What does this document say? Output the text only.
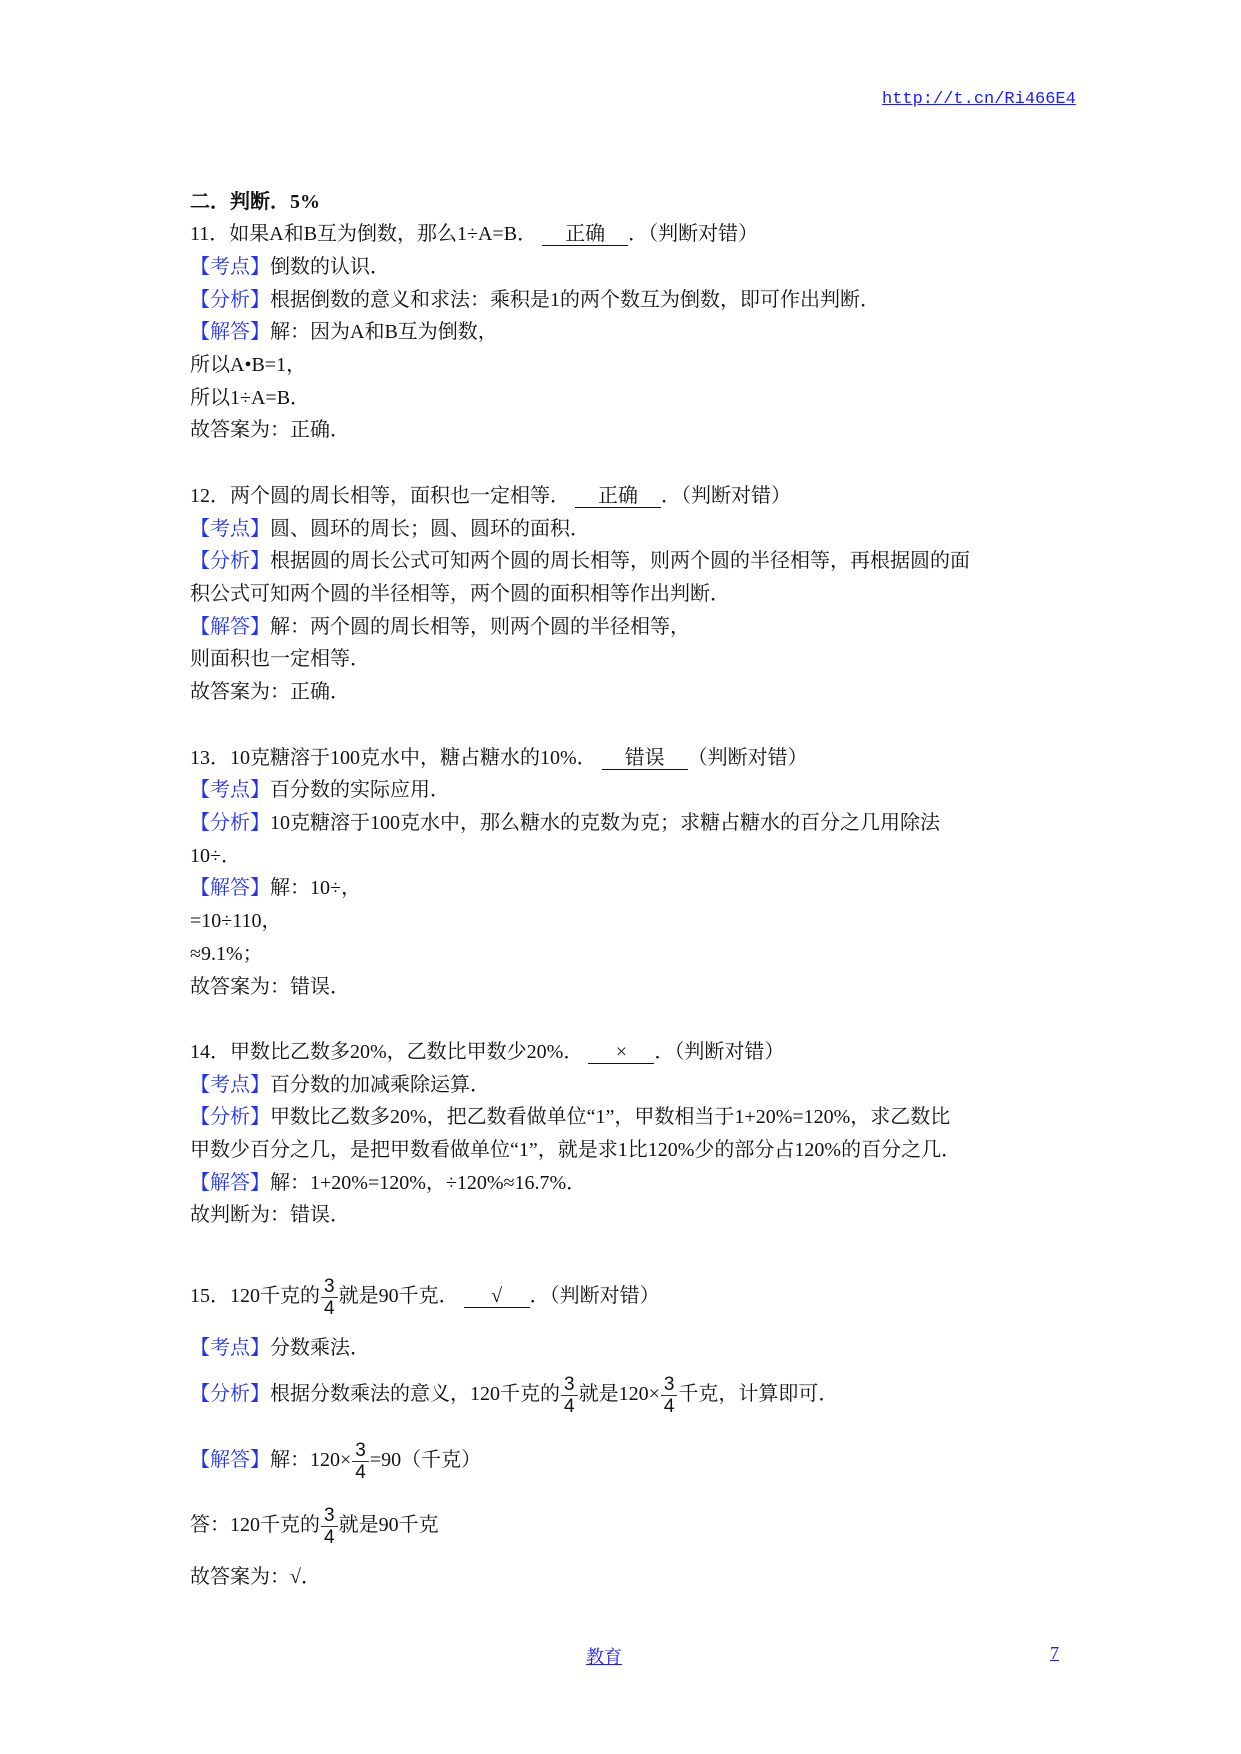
http://t.cn/Ri466E4
二．判断．5%
11．如果A和B互为倒数，那么1÷A=B． 正确 ．（判断对错）
【考点】倒数的认识．
【分析】根据倒数的意义和求法：乘积是1的两个数互为倒数，即可作出判断．
【解答】解：因为A和B互为倒数，
所以A•B=1，
所以1÷A=B．
故答案为：正确．
12．两个圆的周长相等，面积也一定相等． 正确 ．（判断对错）
【考点】圆、圆环的周长；圆、圆环的面积．
【分析】根据圆的周长公式可知两个圆的周长相等，则两个圆的半径相等，再根据圆的面
积公式可知两个圆的半径相等，两个圆的面积相等作出判断．
【解答】解：两个圆的周长相等，则两个圆的半径相等，
则面积也一定相等．
故答案为：正确．
13．10克糖溶于100克水中，糖占糖水的10%． 错误 （判断对错）
【考点】百分数的实际应用．
【分析】10克糖溶于100克水中，那么糖水的克数为克；求糖占糖水的百分之几用除法
10÷．
【解答】解：10÷，
=10÷110，
≈9.1%；
故答案为：错误．
14．甲数比乙数多20%，乙数比甲数少20%． × ．（判断对错）
【考点】百分数的加减乘除运算．
【分析】甲数比乙数多20%，把乙数看做单位“1”，甲数相当于1+20%=120%，求乙数比
甲数少百分之几，是把甲数看做单位“1”，就是求1比120%少的部分占120%的百分之几．
【解答】解：1+20%=120%，÷120%≈16.7%．
故判断为：错误．
15．120千克的 $\frac{3}{4}$ 就是90千克． √ ．（判断对错）
【考点】分数乘法．
【分析】根据分数乘法的意义，120千克的 $\frac{3}{4}$ 就是$120\times \frac{3}{4}$ 千克，计算即可．
【解答】解：$120\times \frac{3}{4} =90$（千克）
答：120千克的 $\frac{3}{4}$ 就是90千克
故答案为：√．
教育	7
